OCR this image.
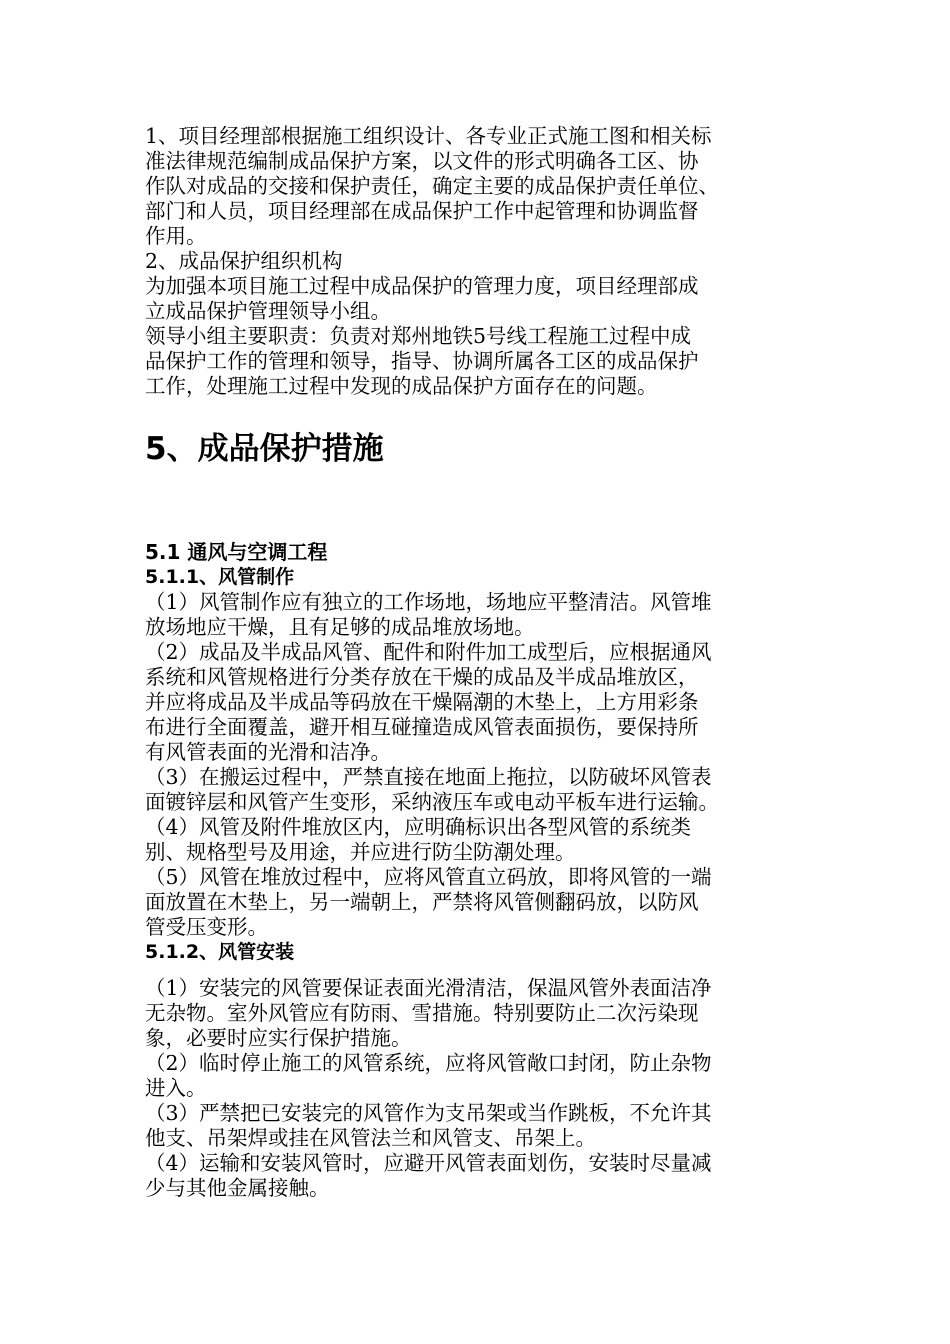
1、项目经理部根据施工组织设计、各专业正式施工图和相关标

准法律规范编制成品保护方案，以文件的形式明确各工区、协

作队对成品的交接和保护责任，确定主要的成品保护责任单位、

部门和人员，项目经理部在成品保护工作中起管理和协调监督

作用。

2、成品保护组织机构

为加强本项目施工过程中成品保护的管理力度，项目经理部成

立成品保护管理领导小组。

领导小组主要职责：负责对郑州地铁5号线工程施工过程中成

品保护工作的管理和领导，指导、协调所属各工区的成品保护

工作，处理施工过程中发现的成品保护方面存在的问题。

5、成品保护措施
5.1 通风与空调工程
5.1.1、风管制作

（1）风管制作应有独立的工作场地，场地应平整清洁。风管堆

放场地应干燥，且有足够的成品堆放场地。

（2）成品及半成品风管、配件和附件加工成型后，应根据通风

系统和风管规格进行分类存放在干燥的成品及半成品堆放区，

并应将成品及半成品等码放在干燥隔潮的木垫上，上方用彩条

布进行全面覆盖，避开相互碰撞造成风管表面损伤，要保持所

有风管表面的光滑和洁净。

（3）在搬运过程中，严禁直接在地面上拖拉，以防破坏风管表

面镀锌层和风管产生变形，采纳液压车或电动平板车进行运输。

（4）风管及附件堆放区内，应明确标识出各型风管的系统类

别、规格型号及用途，并应进行防尘防潮处理。

（5）风管在堆放过程中，应将风管直立码放，即将风管的一端

面放置在木垫上，另一端朝上，严禁将风管侧翻码放，以防风

管受压变形。

5.1.2、风管安装

（1）安装完的风管要保证表面光滑清洁，保温风管外表面洁净

无杂物。室外风管应有防雨、雪措施。特别要防止二次污染现

象，必要时应实行保护措施。

（2）临时停止施工的风管系统，应将风管敞口封闭，防止杂物

进入。

（3）严禁把已安装完的风管作为支吊架或当作跳板，不允许其

他支、吊架焊或挂在风管法兰和风管支、吊架上。

（4）运输和安装风管时，应避开风管表面划伤，安装时尽量减

少与其他金属接触。
